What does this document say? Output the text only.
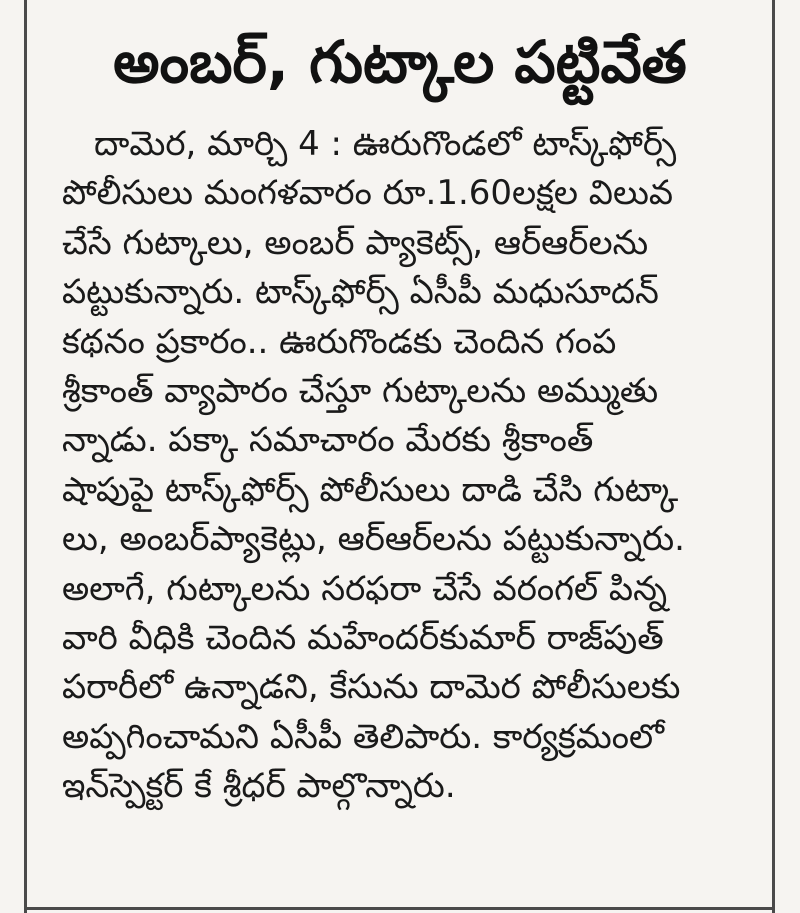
అంబర్, గుట్కాల పట్టివేత
దామెర, మార్చి 4 : ఊరుగొండలో టాస్క్‌ఫోర్స్
పోలీసులు మంగళవారం రూ.1.60లక్షల విలువ
చేసే గుట్కాలు, అంబర్ ప్యాకెట్స్, ఆర్‌ఆర్‌లను
పట్టుకున్నారు. టాస్క్‌ఫోర్స్ ఏసీపీ మధుసూదన్
కథనం ప్రకారం.. ఊరుగొండకు చెందిన గంప
శ్రీకాంత్ వ్యాపారం చేస్తూ గుట్కాలను అమ్ముతు
న్నాడు. పక్కా సమాచారం మేరకు శ్రీకాంత్
షాపుపై టాస్క్‌ఫోర్స్ పోలీసులు దాడి చేసి గుట్కా
లు, అంబర్‌ప్యాకెట్లు, ఆర్‌ఆర్‌లను పట్టుకున్నారు.
అలాగే, గుట్కాలను సరఫరా చేసే వరంగల్ పిన్న
వారి వీధికి చెందిన మహేందర్‌కుమార్ రాజ్‌పుత్
పరారీలో ఉన్నాడని, కేసును దామెర పోలీసులకు
అప్పగించామని ఏసీపీ తెలిపారు. కార్యక్రమంలో
ఇన్‌స్పెక్టర్ కే శ్రీధర్ పాల్గొన్నారు.
